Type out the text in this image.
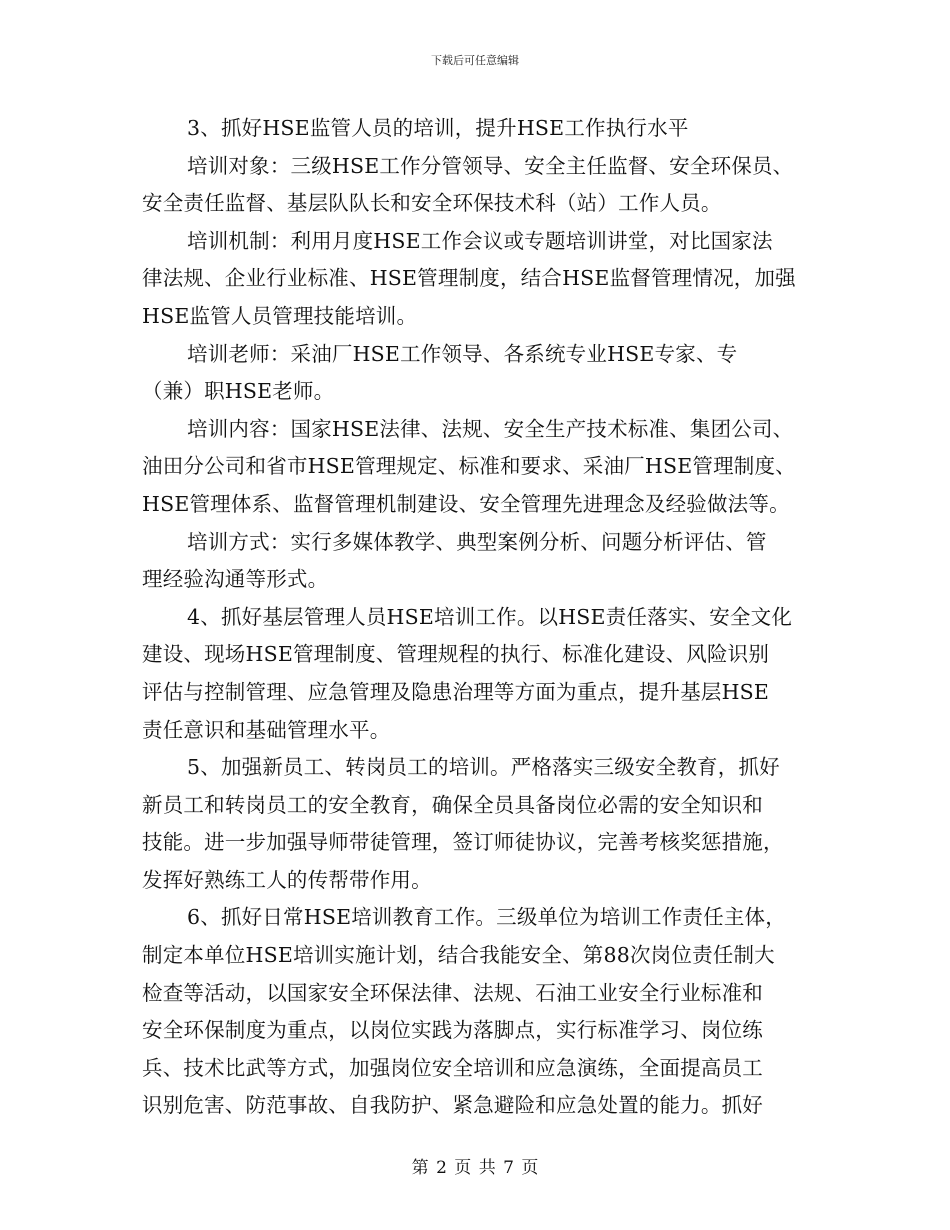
下载后可任意编辑
3、抓好HSE监管人员的培训，提升HSE工作执行水平
培训对象：三级HSE工作分管领导、安全主任监督、安全环保员、
安全责任监督、基层队队长和安全环保技术科（站）工作人员。
培训机制：利用月度HSE工作会议或专题培训讲堂，对比国家法
律法规、企业行业标准、HSE管理制度，结合HSE监督管理情况，加强
HSE监管人员管理技能培训。
培训老师：采油厂HSE工作领导、各系统专业HSE专家、专
（兼）职HSE老师。
培训内容：国家HSE法律、法规、安全生产技术标准、集团公司、
油田分公司和省市HSE管理规定、标准和要求、采油厂HSE管理制度、
HSE管理体系、监督管理机制建设、安全管理先进理念及经验做法等。
培训方式：实行多媒体教学、典型案例分析、问题分析评估、管
理经验沟通等形式。
4、抓好基层管理人员HSE培训工作。以HSE责任落实、安全文化
建设、现场HSE管理制度、管理规程的执行、标准化建设、风险识别
评估与控制管理、应急管理及隐患治理等方面为重点，提升基层HSE
责任意识和基础管理水平。
5、加强新员工、转岗员工的培训。严格落实三级安全教育，抓好
新员工和转岗员工的安全教育，确保全员具备岗位必需的安全知识和
技能。进一步加强导师带徒管理，签订师徒协议，完善考核奖惩措施，
发挥好熟练工人的传帮带作用。
6、抓好日常HSE培训教育工作。三级单位为培训工作责任主体，
制定本单位HSE培训实施计划，结合我能安全、第88次岗位责任制大
检查等活动，以国家安全环保法律、法规、石油工业安全行业标准和
安全环保制度为重点，以岗位实践为落脚点，实行标准学习、岗位练
兵、技术比武等方式，加强岗位安全培训和应急演练，全面提高员工
识别危害、防范事故、自我防护、紧急避险和应急处置的能力。抓好
第 2 页 共 7 页
